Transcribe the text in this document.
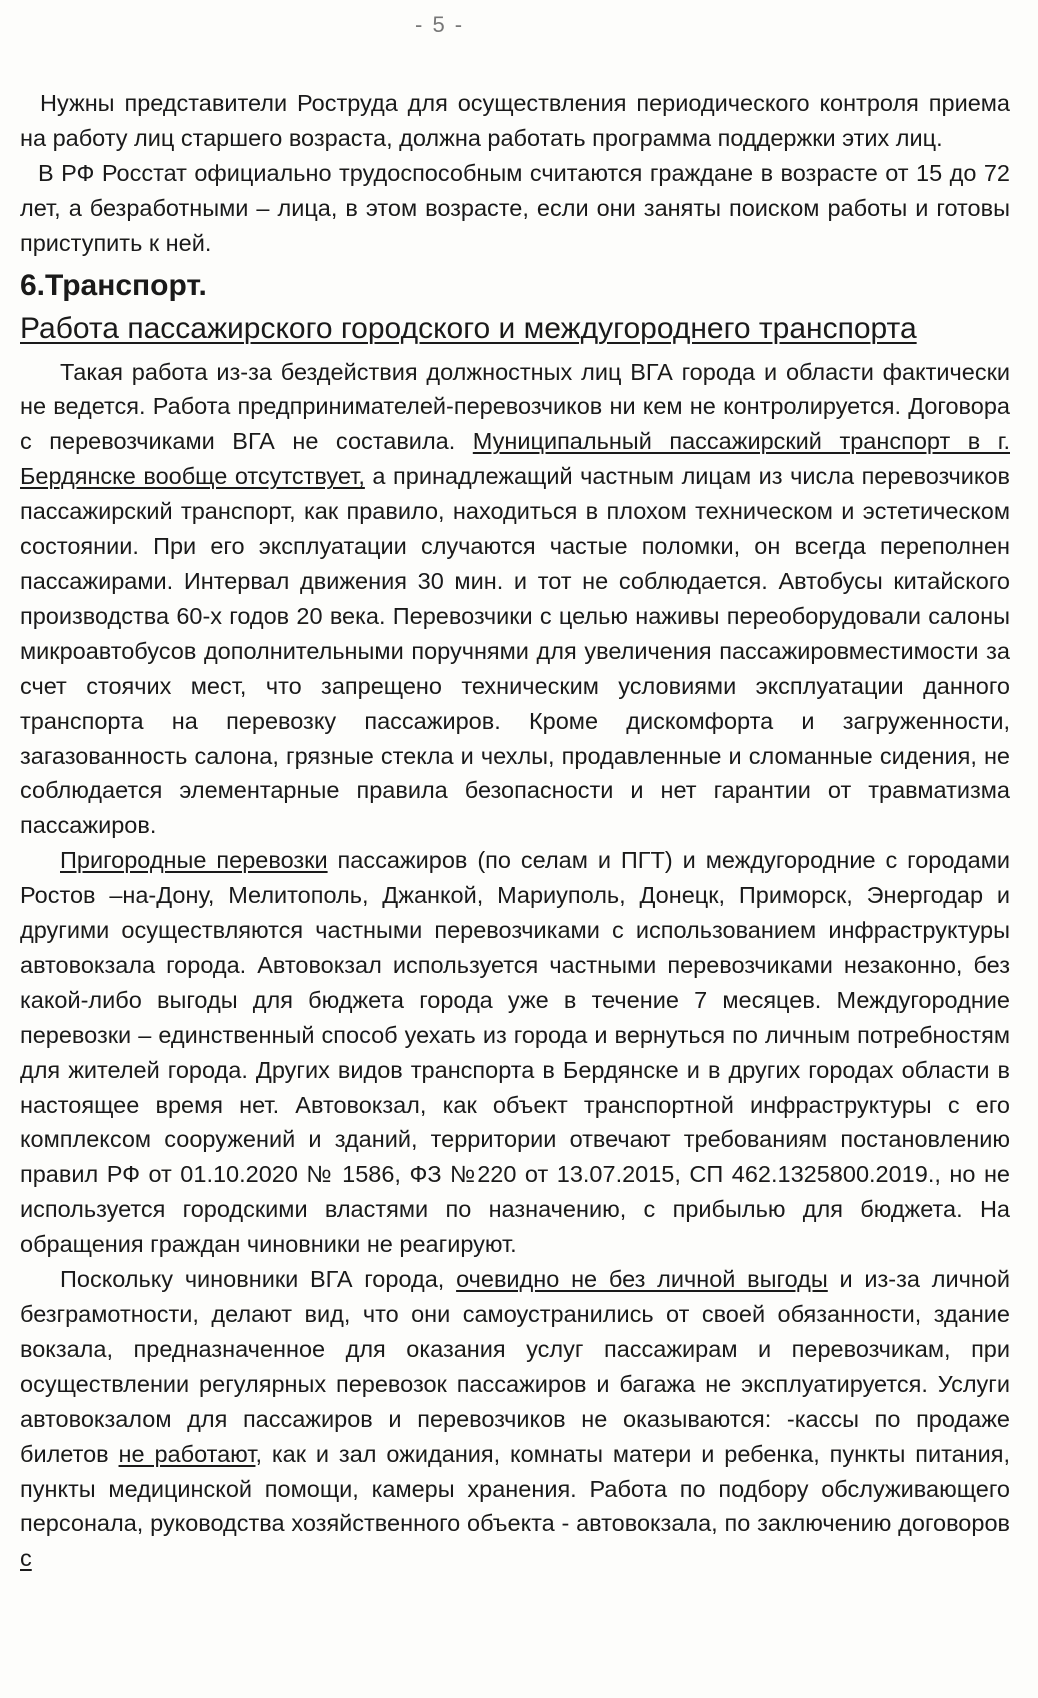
- 5 -

Нужны представители Роструда для осуществления периодического контроля приема на работу лиц старшего возраста, должна работать программа поддержки этих лиц.

В РФ Росстат официально трудоспособным считаются граждане в возрасте от 15 до 72 лет, а безработными – лица, в этом возрасте, если они заняты поиском работы и готовы приступить к ней.

6.Транспорт.
Работа пассажирского городского и междугороднего транспорта

Такая работа из-за бездействия должностных лиц ВГА города и области фактически не ведется. Работа предпринимателей-перевозчиков ни кем не контролируется. Договора с перевозчиками ВГА не составила. Муниципальный пассажирский транспорт в г. Бердянске вообще отсутствует, а принадлежащий частным лицам из числа перевозчиков пассажирский транспорт, как правило, находиться в плохом техническом и эстетическом состоянии. При его эксплуатации случаются частые поломки, он всегда переполнен пассажирами. Интервал движения 30 мин. и тот не соблюдается. Автобусы китайского производства 60-х годов 20 века. Перевозчики с целью наживы переоборудовали салоны микроавтобусов дополнительными поручнями для увеличения пассажировместимости за счет стоячих мест, что запрещено техническим условиями эксплуатации данного транспорта на перевозку пассажиров. Кроме дискомфорта и загруженности, загазованность салона, грязные стекла и чехлы, продавленные и сломанные сидения, не соблюдается элементарные правила безопасности и нет гарантии от травматизма пассажиров.

Пригородные перевозки пассажиров (по селам и ПГТ) и междугородние с городами Ростов –на-Дону, Мелитополь, Джанкой, Мариуполь, Донецк, Приморск, Энергодар и другими осуществляются частными перевозчиками с использованием инфраструктуры автовокзала города. Автовокзал используется частными перевозчиками незаконно, без какой-либо выгоды для бюджета города уже в течение 7 месяцев. Междугородние перевозки – единственный способ уехать из города и вернуться по личным потребностям для жителей города. Других видов транспорта в Бердянске и в других городах области в настоящее время нет. Автовокзал, как объект транспортной инфраструктуры с его комплексом сооружений и зданий, территории отвечают требованиям постановлению правил РФ от 01.10.2020 № 1586, ФЗ №220 от 13.07.2015, СП 462.1325800.2019., но не используется городскими властями по назначению, с прибылью для бюджета. На обращения граждан чиновники не реагируют.

Поскольку чиновники ВГА города, очевидно не без личной выгоды и из-за личной безграмотности, делают вид, что они самоустранились от своей обязанности, здание вокзала, предназначенное для оказания услуг пассажирам и перевозчикам, при осуществлении регулярных перевозок пассажиров и багажа не эксплуатируется. Услуги автовокзалом для пассажиров и перевозчиков не оказываются: -кассы по продаже билетов не работают, как и зал ожидания, комнаты матери и ребенка, пункты питания, пункты медицинской помощи, камеры хранения. Работа по подбору обслуживающего персонала, руководства хозяйственного объекта - автовокзала, по заключению договоров с
